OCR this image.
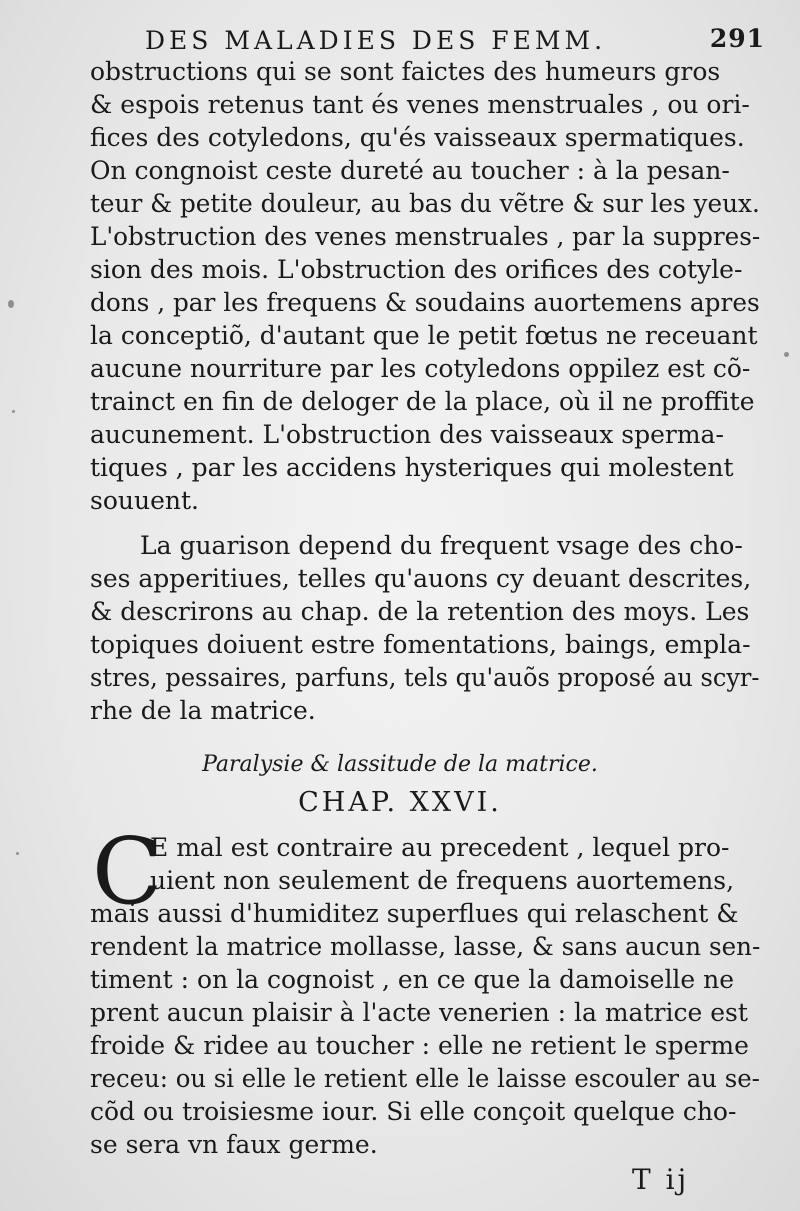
DES MALADIES DES FEMM.	291
obstructions qui se sont faictes des humeurs gros
& espois retenus tant és venes menstruales , ou ori-
fices des cotyledons, qu'és vaisseaux spermatiques.
On congnoist ceste dureté au toucher : à la pesan-
teur & petite douleur, au bas du vẽtre & sur les yeux.
L'obstruction des venes menstruales , par la suppres-
sion des mois. L'obstruction des orifices des cotyle-
dons , par les frequens & soudains auortemens apres
la conceptiõ, d'autant que le petit fœtus ne receuant
aucune nourriture par les cotyledons oppilez est cõ-
trainct en fin de deloger de la place, où il ne proffite
aucunement. L'obstruction des vaisseaux sperma-
tiques , par les accidens hysteriques qui molestent
souuent.
La guarison depend du frequent vsage des cho-
ses apperitiues, telles qu'auons cy deuant descrites,
& descrirons au chap. de la retention des moys. Les
topiques doiuent estre fomentations, baings, empla-
stres, pessaires, parfuns, tels qu'auõs proposé au scyr-
rhe de la matrice.
Paralysie & lassitude de la matrice.
CHAP. XXVI.
C
E mal est contraire au precedent , lequel pro-
uient non seulement de frequens auortemens,
mais aussi d'humiditez superflues qui relaschent &
rendent la matrice mollasse, lasse, & sans aucun sen-
timent : on la cognoist , en ce que la damoiselle ne
prent aucun plaisir à l'acte venerien : la matrice est
froide & ridee au toucher : elle ne retient le sperme
receu: ou si elle le retient elle le laisse escouler au se-
cõd ou troisiesme iour. Si elle conçoit quelque cho-
se sera vn faux germe.
T ij
